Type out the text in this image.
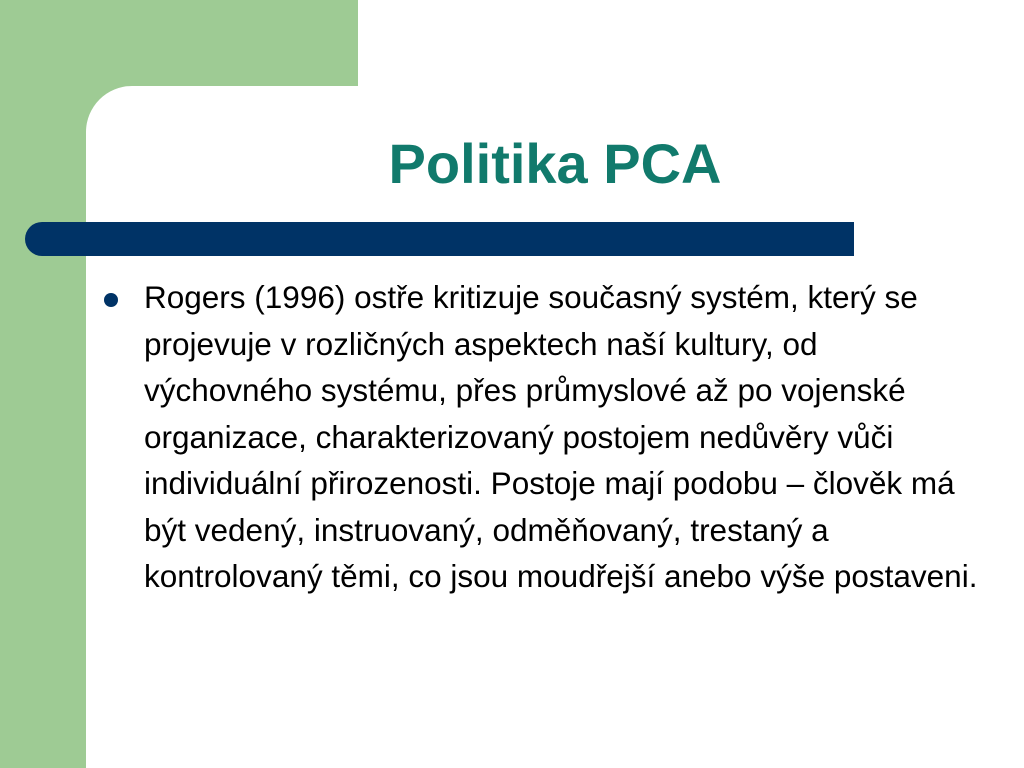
Politika PCA
Rogers (1996) ostře kritizuje současný systém, který se projevuje v rozličných aspektech naší kultury, od výchovného systému, přes průmyslové až po vojenské organizace, charakterizovaný postojem nedůvěry vůči individuální přirozenosti. Postoje mají podobu – člověk má být vedený, instruovaný, odměňovaný, trestaný a kontrolovaný těmi, co jsou moudřejší anebo výše postaveni.
